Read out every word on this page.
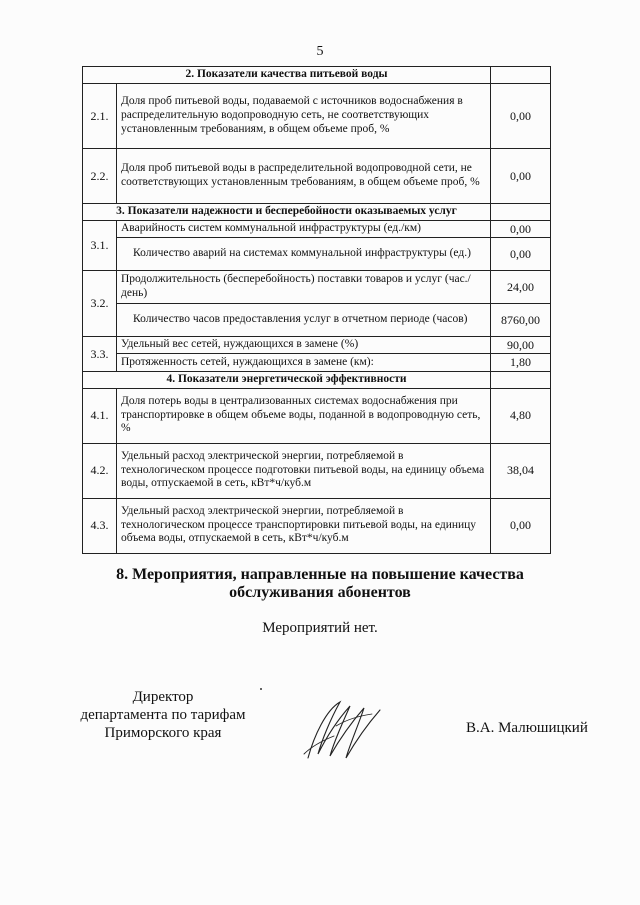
5
2. Показатели качества питьевой воды		
2.1.	Доля проб питьевой воды, подаваемой с источников водоснабжения в распределительную водопроводную сеть, не соответствующих установленным требованиям, в общем объеме проб, %	0,00
2.2.	Доля проб питьевой воды в распределительной водопроводной сети, не соответствующих установленным требованиям, в общем объеме проб, %	0,00
3. Показатели надежности и бесперебойности оказываемых услуг		
3.1.	Аварийность систем коммунальной инфраструктуры (ед./км)	0,00
	Количество аварий на системах коммунальной инфраструктуры (ед.)	0,00
3.2.	Продолжительность (бесперебойность) поставки товаров и услуг (час./день)	24,00
	Количество часов предоставления услуг в отчетном периоде (часов)	8760,00
3.3.	Удельный вес сетей, нуждающихся в замене (%)	90,00
	Протяженность сетей, нуждающихся в замене (км):	1,80
4. Показатели энергетической эффективности		
4.1.	Доля потерь воды в централизованных системах водоснабжения при транспортировке в общем объеме воды, поданной в водопроводную сеть, %	4,80
4.2.	Удельный расход электрической энергии, потребляемой в технологическом процессе подготовки питьевой воды, на единицу объема воды, отпускаемой в сеть, кВт*ч/куб.м	38,04
4.3.	Удельный расход электрической энергии, потребляемой в технологическом процессе транспортировки питьевой воды, на единицу объема воды, отпускаемой в сеть, кВт*ч/куб.м	0,00
8. Мероприятия, направленные на повышение качества
обслуживания абонентов
Мероприятий нет.
Директор
департамента по тарифам
Приморского края	В.А. Малюшицкий
